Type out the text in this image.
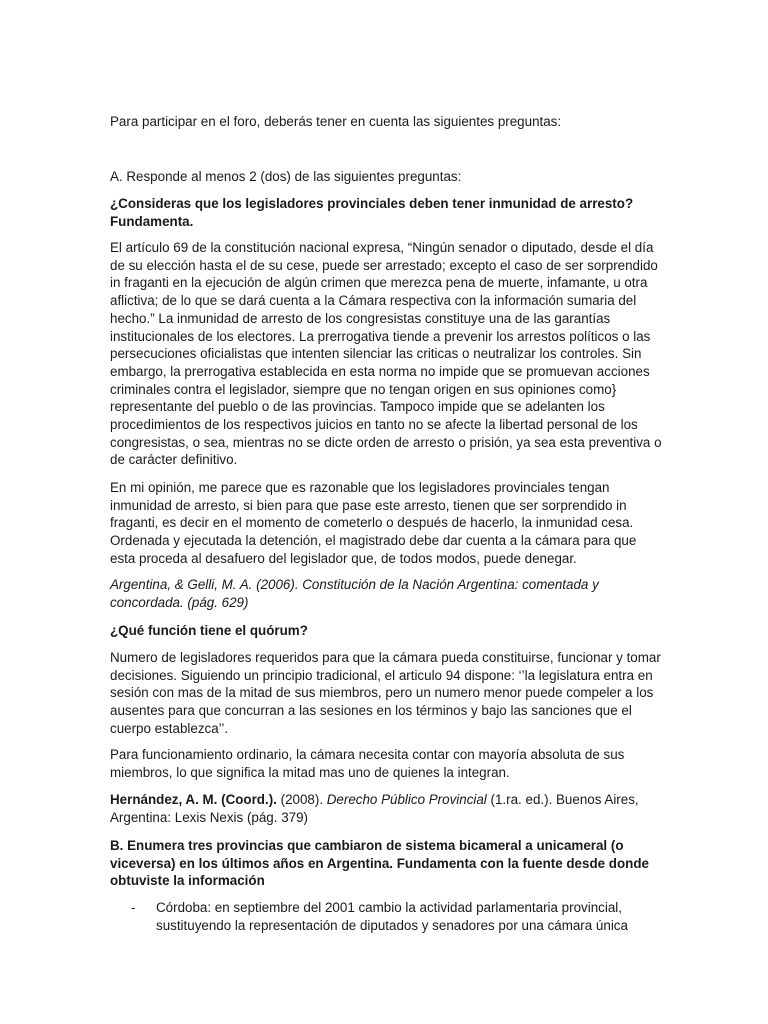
Para participar en el foro, deberás tener en cuenta las siguientes preguntas:

A. Responde al menos 2 (dos) de las siguientes preguntas:

¿Consideras que los legisladores provinciales deben tener inmunidad de arresto? Fundamenta.

El artículo 69 de la constitución nacional expresa, “Ningún senador o diputado, desde el día de su elección hasta el de su cese, puede ser arrestado; excepto el caso de ser sorprendido in fraganti en la ejecución de algún crimen que merezca pena de muerte, infamante, u otra aflictiva; de lo que se dará cuenta a la Cámara respectiva con la información sumaria del hecho.” La inmunidad de arresto de los congresistas constituye una de las garantías institucionales de los electores. La prerrogativa tiende a prevenir los arrestos políticos o las persecuciones oficialistas que intenten silenciar las criticas o neutralizar los controles. Sin embargo, la prerrogativa establecida en esta norma no impide que se promuevan acciones criminales contra el legislador, siempre que no tengan origen en sus opiniones como} representante del pueblo o de las provincias. Tampoco impide que se adelanten los procedimientos de los respectivos juicios en tanto no se afecte la libertad personal de los congresistas, o sea, mientras no se dicte orden de arresto o prisión, ya sea esta preventiva o de carácter definitivo.

En mi opinión, me parece que es razonable que los legisladores provinciales tengan inmunidad de arresto, si bien para que pase este arresto, tienen que ser sorprendido in fraganti, es decir en el momento de cometerlo o después de hacerlo, la inmunidad cesa. Ordenada y ejecutada la detención, el magistrado debe dar cuenta a la cámara para que esta proceda al desafuero del legislador que, de todos modos, puede denegar.

Argentina, & Gelli, M. A. (2006). Constitución de la Nación Argentina: comentada y concordada. (pág. 629)

¿Qué función tiene el quórum?

Numero de legisladores requeridos para que la cámara pueda constituirse, funcionar y tomar decisiones. Siguiendo un principio tradicional, el articulo 94 dispone: ‘’la legislatura entra en sesión con mas de la mitad de sus miembros, pero un numero menor puede compeler a los ausentes para que concurran a las sesiones en los términos y bajo las sanciones que el cuerpo establezca’’.

Para funcionamiento ordinario, la cámara necesita contar con mayoría absoluta de sus miembros, lo que significa la mitad mas uno de quienes la integran.

Hernández, A. M. (Coord.). (2008). Derecho Público Provincial (1.ra. ed.). Buenos Aires, Argentina: Lexis Nexis (pág. 379)

B. Enumera tres provincias que cambiaron de sistema bicameral a unicameral (o viceversa) en los últimos años en Argentina. Fundamenta con la fuente desde donde obtuviste la información

- Córdoba: en septiembre del 2001 cambio la actividad parlamentaria provincial, sustituyendo la representación de diputados y senadores por una cámara única
